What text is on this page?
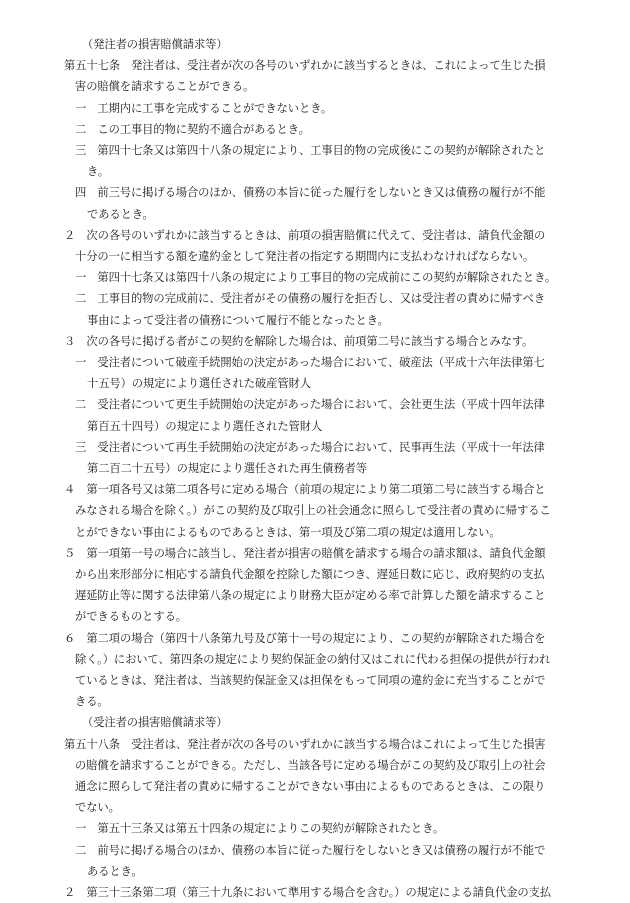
（発注者の損害賠償請求等）
第五十七条　発注者は、受注者が次の各号のいずれかに該当するときは、これによって生じた損
害の賠償を請求することができる。
一　工期内に工事を完成することができないとき。
二　この工事目的物に契約不適合があるとき。
三　第四十七条又は第四十八条の規定により、工事目的物の完成後にこの契約が解除されたと
き。
四　前三号に掲げる場合のほか、債務の本旨に従った履行をしないとき又は債務の履行が不能
であるとき。
２　次の各号のいずれかに該当するときは、前項の損害賠償に代えて、受注者は、請負代金額の
十分の一に相当する額を違約金として発注者の指定する期間内に支払わなければならない。
一　第四十七条又は第四十八条の規定により工事目的物の完成前にこの契約が解除されたとき。
二　工事目的物の完成前に、受注者がその債務の履行を拒否し、又は受注者の責めに帰すべき
事由によって受注者の債務について履行不能となったとき。
３　次の各号に掲げる者がこの契約を解除した場合は、前項第二号に該当する場合とみなす。
一　受注者について破産手続開始の決定があった場合において、破産法（平成十六年法律第七
十五号）の規定により選任された破産管財人
二　受注者について更生手続開始の決定があった場合において、会社更生法（平成十四年法律
第百五十四号）の規定により選任された管財人
三　受注者について再生手続開始の決定があった場合において、民事再生法（平成十一年法律
第二百二十五号）の規定により選任された再生債務者等
４　第一項各号又は第二項各号に定める場合（前項の規定により第二項第二号に該当する場合と
みなされる場合を除く。）がこの契約及び取引上の社会通念に照らして受注者の責めに帰するこ
とができない事由によるものであるときは、第一項及び第二項の規定は適用しない。
５　第一項第一号の場合に該当し、発注者が損害の賠償を請求する場合の請求額は、請負代金額
から出来形部分に相応する請負代金額を控除した額につき、遅延日数に応じ、政府契約の支払
遅延防止等に関する法律第八条の規定により財務大臣が定める率で計算した額を請求すること
ができるものとする。
６　第二項の場合（第四十八条第九号及び第十一号の規定により、この契約が解除された場合を
除く。）において、第四条の規定により契約保証金の納付又はこれに代わる担保の提供が行われ
ているときは、発注者は、当該契約保証金又は担保をもって同項の違約金に充当することがで
きる。
（受注者の損害賠償請求等）
第五十八条　受注者は、発注者が次の各号のいずれかに該当する場合はこれによって生じた損害
の賠償を請求することができる。ただし、当該各号に定める場合がこの契約及び取引上の社会
通念に照らして発注者の責めに帰することができない事由によるものであるときは、この限り
でない。
一　第五十三条又は第五十四条の規定によりこの契約が解除されたとき。
二　前号に掲げる場合のほか、債務の本旨に従った履行をしないとき又は債務の履行が不能で
あるとき。
２　第三十三条第二項（第三十九条において準用する場合を含む。）の規定による請負代金の支払
